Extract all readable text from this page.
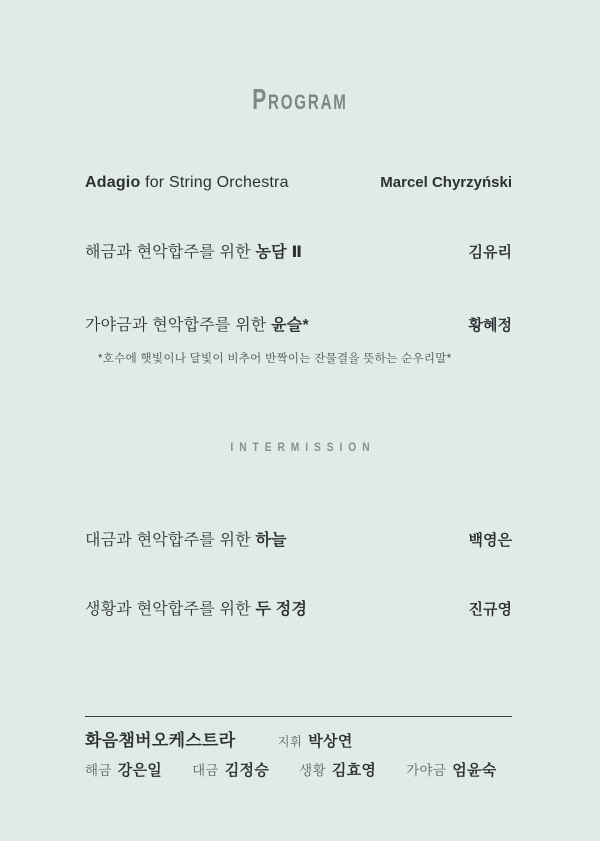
PROGRAM
Adagio for String Orchestra	Marcel Chyrzyński
해금과 현악합주를 위한 농담 Ⅱ	김유리
가야금과 현악합주를 위한 윤슬*	황혜정
*호수에 햇빛이나 달빛이 비추어 반짝이는 잔물결을 뜻하는 순우리말*
INTERMISSION
대금과 현악합주를 위한 하늘	백영은
생황과 현악합주를 위한 두 정경	진규영
화음챔버오케스트라	지휘 박상연
해금 강은일 대금 김정승 생황 김효영 가야금 엄윤숙
